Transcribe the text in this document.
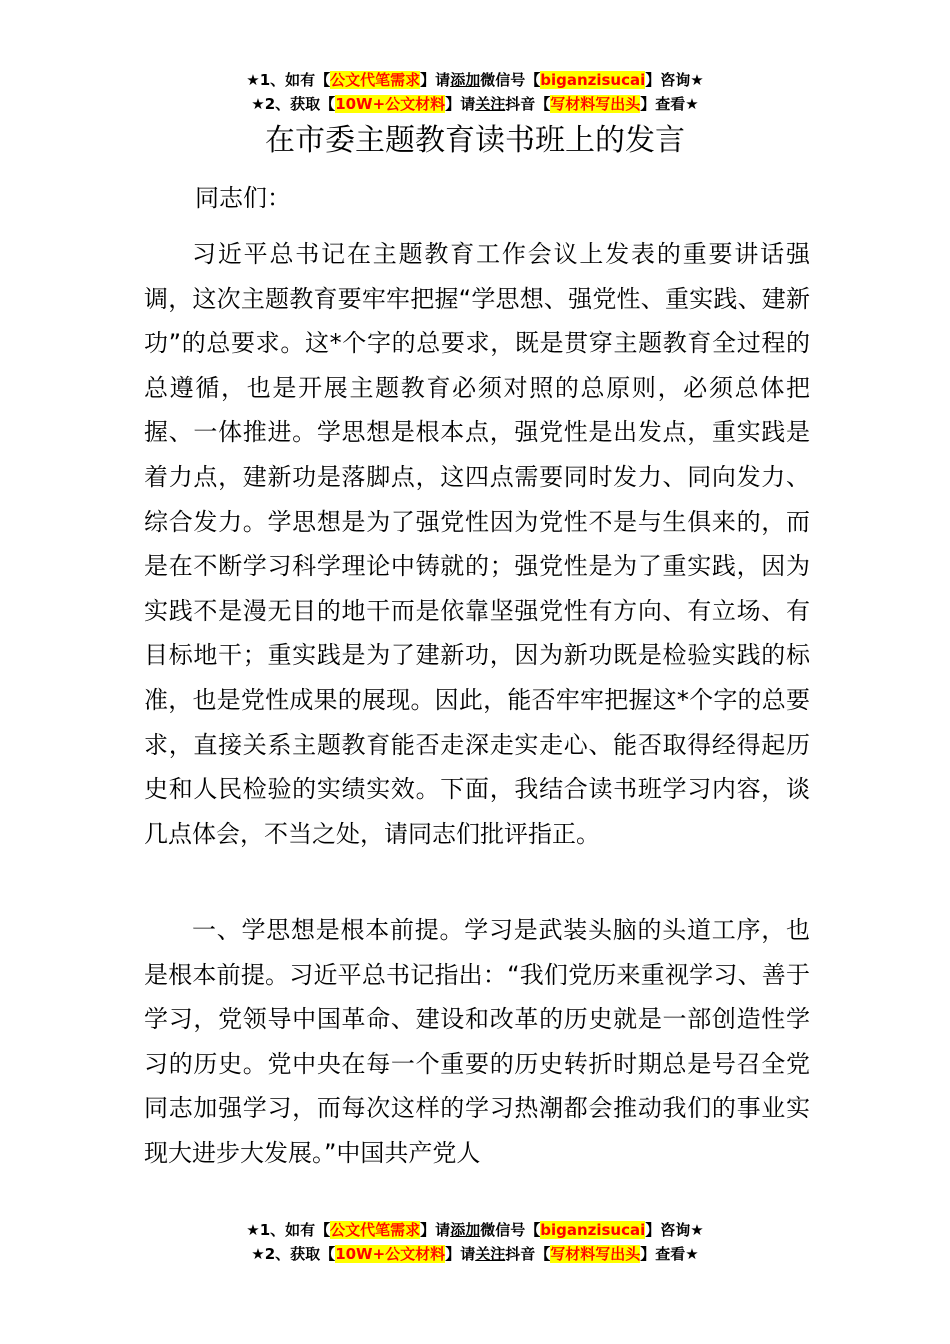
★1、如有【公文代笔需求】请添加微信号【biganzisucai】咨询★
★2、获取【10W+公文材料】请关注抖音【写材料写出头】查看★
在市委主题教育读书班上的发言

同志们：

习近平总书记在主题教育工作会议上发表的重要讲话强调，这次主题教育要牢牢把握“学思想、强党性、重实践、建新功”的总要求。这*个字的总要求，既是贯穿主题教育全过程的总遵循，也是开展主题教育必须对照的总原则，必须总体把握、一体推进。学思想是根本点，强党性是出发点，重实践是着力点，建新功是落脚点，这四点需要同时发力、同向发力、综合发力。学思想是为了强党性因为党性不是与生俱来的，而是在不断学习科学理论中铸就的；强党性是为了重实践，因为实践不是漫无目的地干而是依靠坚强党性有方向、有立场、有目标地干；重实践是为了建新功，因为新功既是检验实践的标准，也是党性成果的展现。因此，能否牢牢把握这*个字的总要求，直接关系主题教育能否走深走实走心、能否取得经得起历史和人民检验的实绩实效。下面，我结合读书班学习内容，谈几点体会，不当之处，请同志们批评指正。

一、学思想是根本前提。学习是武装头脑的头道工序，也是根本前提。习近平总书记指出：“我们党历来重视学习、善于学习，党领导中国革命、建设和改革的历史就是一部创造性学习的历史。党中央在每一个重要的历史转折时期总是号召全党同志加强学习，而每次这样的学习热潮都会推动我们的事业实现大进步大发展。”中国共产党人

★1、如有【公文代笔需求】请添加微信号【biganzisucai】咨询★
★2、获取【10W+公文材料】请关注抖音【写材料写出头】查看★
